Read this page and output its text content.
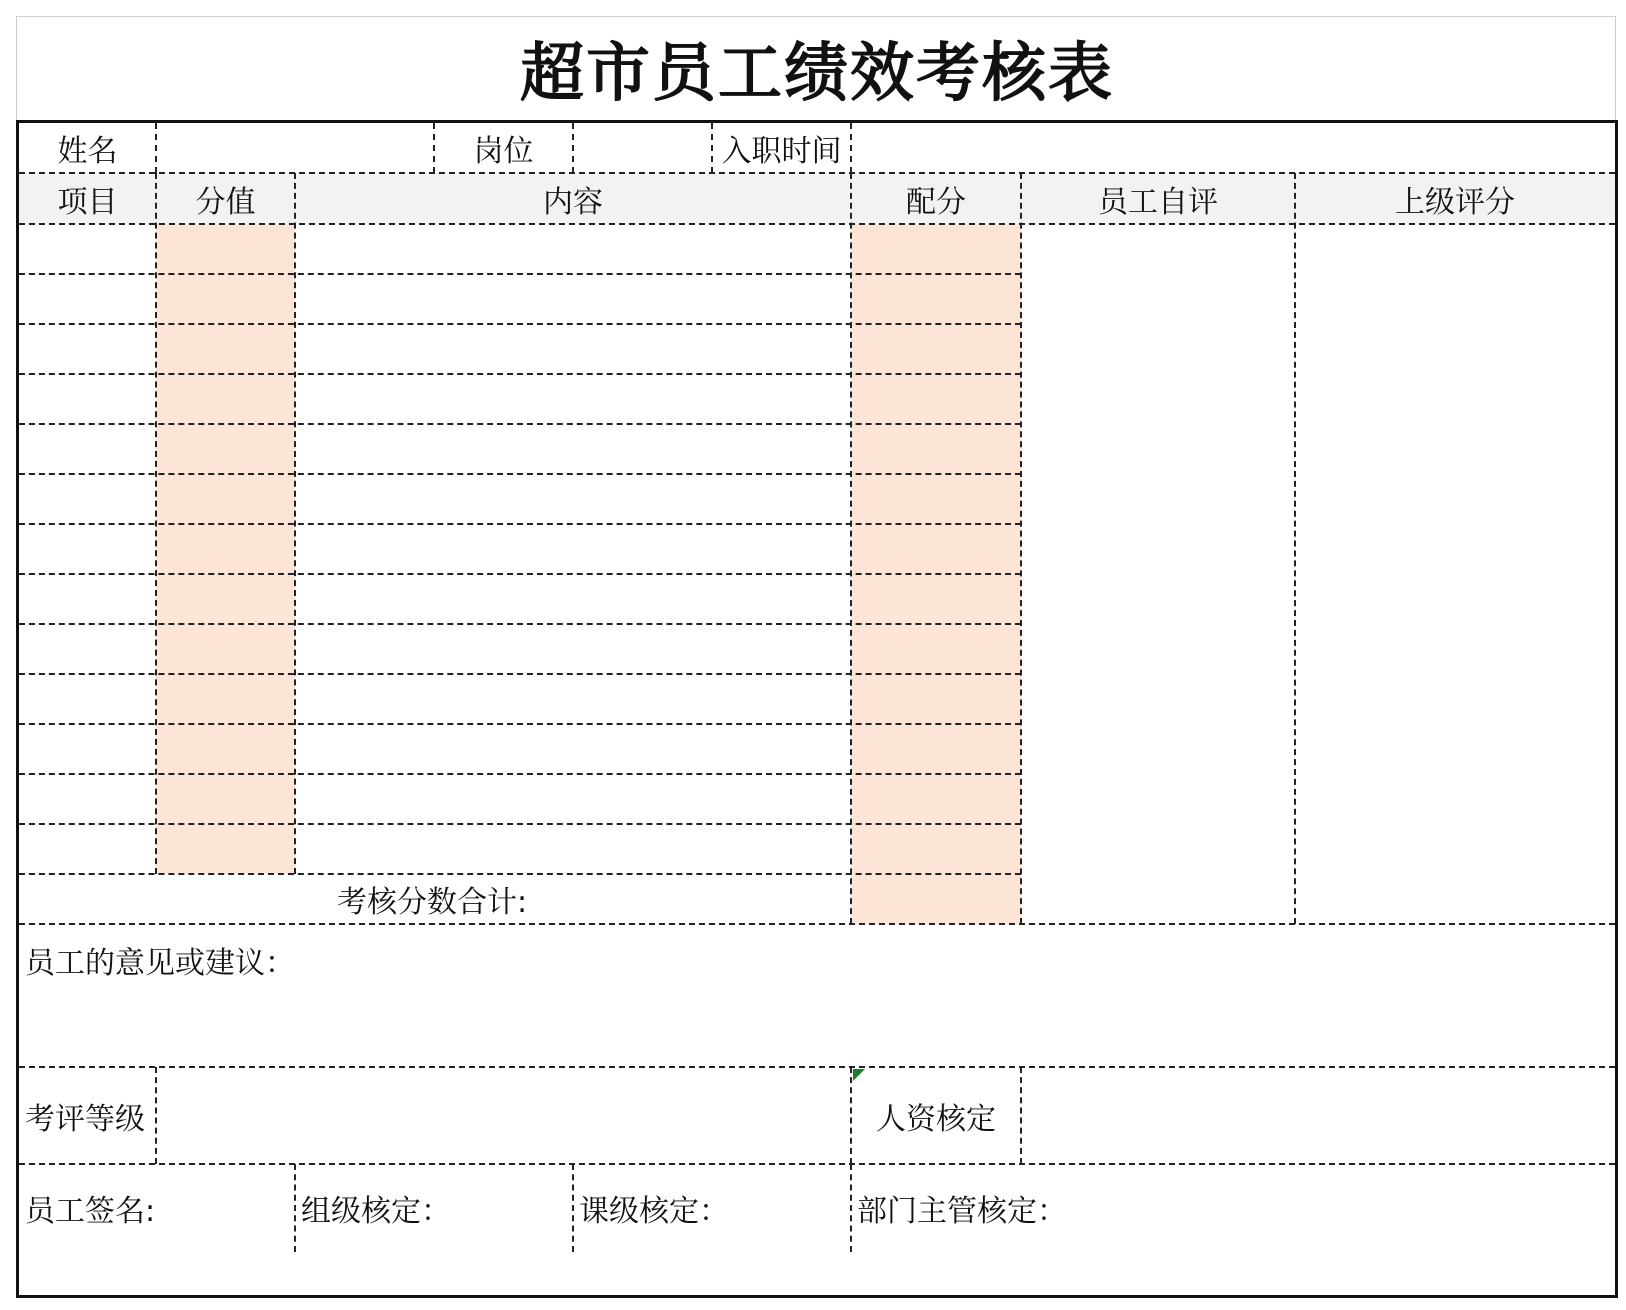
超市员工绩效考核表
姓名	岗位	入职时间
项目	分值	内容	配分	员工自评	上级评分
考核分数合计:
员工的意见或建议：
考评等级	人资核定
员工签名:	组级核定：	课级核定：	部门主管核定：
